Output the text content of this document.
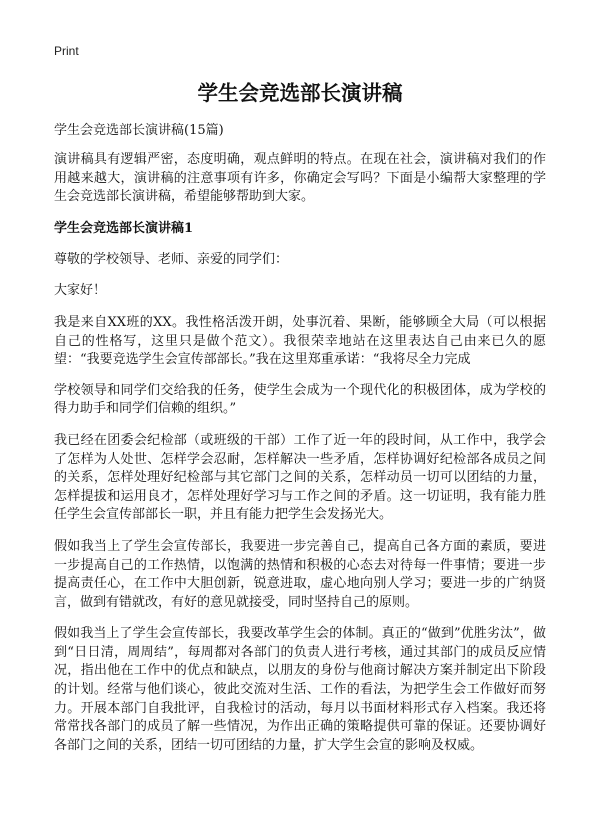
Print
学生会竞选部长演讲稿

学生会竞选部长演讲稿(15篇)

演讲稿具有逻辑严密，态度明确，观点鲜明的特点。在现在社会，演讲稿对我们的作用越来越大，演讲稿的注意事项有许多，你确定会写吗？下面是小编帮大家整理的学生会竞选部长演讲稿，希望能够帮助到大家。

学生会竞选部长演讲稿1

尊敬的学校领导、老师、亲爱的同学们：

大家好！

我是来自XX班的XX。我性格活泼开朗，处事沉着、果断，能够顾全大局（可以根据自己的性格写，这里只是做个范文）。我很荣幸地站在这里表达自己由来已久的愿望：“我要竞选学生会宣传部部长。”我在这里郑重承诺：“我将尽全力完成

学校领导和同学们交给我的任务，使学生会成为一个现代化的积极团体，成为学校的得力助手和同学们信赖的组织。”

我已经在团委会纪检部（或班级的干部）工作了近一年的段时间，从工作中，我学会了怎样为人处世、怎样学会忍耐，怎样解决一些矛盾，怎样协调好纪检部各成员之间的关系，怎样处理好纪检部与其它部门之间的关系，怎样动员一切可以团结的力量，怎样提拔和运用良才，怎样处理好学习与工作之间的矛盾。这一切证明，我有能力胜任学生会宣传部部长一职，并且有能力把学生会发扬光大。

假如我当上了学生会宣传部长，我要进一步完善自己，提高自己各方面的素质，要进一步提高自己的工作热情，以饱满的热情和积极的心态去对待每一件事情；要进一步提高责任心，在工作中大胆创新，锐意进取，虚心地向别人学习；要进一步的广纳贤言，做到有错就改，有好的意见就接受，同时坚持自己的原则。

假如我当上了学生会宣传部长，我要改革学生会的体制。真正的“做到”优胜劣汰”，做到“日日清，周周结”，每周都对各部门的负责人进行考核，通过其部门的成员反应情况，指出他在工作中的优点和缺点，以朋友的身份与他商讨解决方案并制定出下阶段的计划。经常与他们谈心，彼此交流对生活、工作的看法，为把学生会工作做好而努力。开展本部门自我批评，自我检讨的活动，每月以书面材料形式存入档案。我还将常常找各部门的成员了解一些情况，为作出正确的策略提供可靠的保证。还要协调好各部门之间的关系，团结一切可团结的力量，扩大学生会宣的影响及权威。
